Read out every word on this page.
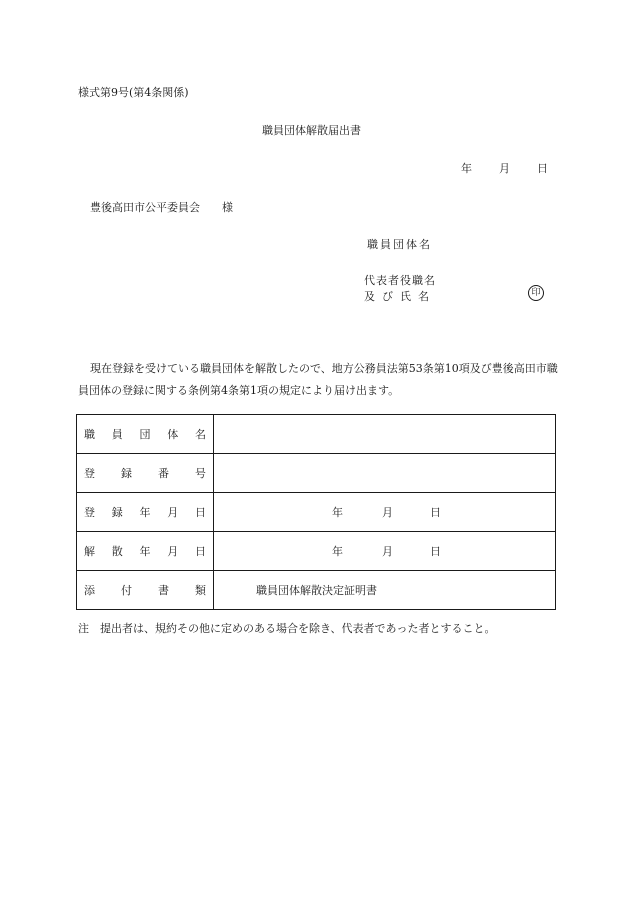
様式第9号(第4条関係)
職員団体解散届出書
年 月 日
豊後高田市公平委員会 様
職員団体名
代表者役職名
及び氏名	印
現在登録を受けている職員団体を解散したので、地方公務員法第53条第10項及び豊後高田市職員団体の登録に関する条例第4条第1項の規定により届け出ます。
職 員 団 体 名	

登 録 番 号	

登 録 年 月 日	年 月 日

解 散 年 月 日	年 月 日

添 付 書 類	職員団体解散決定証明書
注　提出者は、規約その他に定めのある場合を除き、代表者であった者とすること。
